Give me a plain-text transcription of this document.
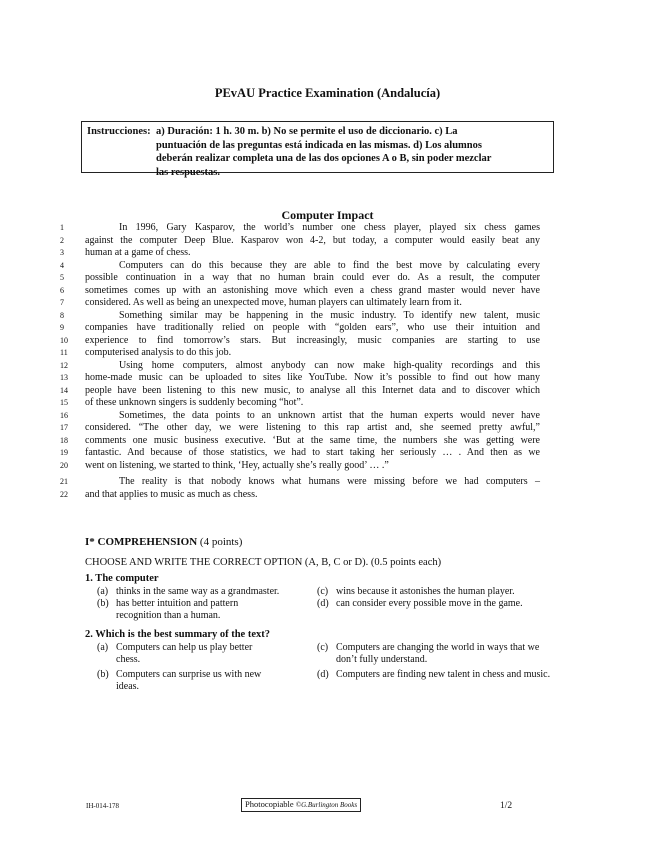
PEvAU Practice Examination (Andalucía)
Instrucciones: a) Duración: 1 h. 30 m. b) No se permite el uso de diccionario. c) La
puntuación de las preguntas está indicada en las mismas. d) Los alumnos
deberán realizar completa una de las dos opciones A o B, sin poder mezclar
las respuestas.
Computer Impact
1	In 1996, Gary Kasparov, the world’s number one chess player, played six chess games
2	against the computer Deep Blue. Kasparov won 4-2, but today, a computer would easily beat any
3	human at a game of chess.
4	Computers can do this because they are able to find the best move by calculating every
5	possible continuation in a way that no human brain could ever do. As a result, the computer
6	sometimes comes up with an astonishing move which even a chess grand master would never have
7	considered. As well as being an unexpected move, human players can ultimately learn from it.
8	Something similar may be happening in the music industry. To identify new talent, music
9	companies have traditionally relied on people with “golden ears”, who use their intuition and
10	experience to find tomorrow’s stars. But increasingly, music companies are starting to use
11	computerised analysis to do this job.
12	Using home computers, almost anybody can now make high-quality recordings and this
13	home-made music can be uploaded to sites like YouTube. Now it’s possible to find out how many
14	people have been listening to this new music, to analyse all this Internet data and to discover which
15	of these unknown singers is suddenly becoming “hot”.
16	Sometimes, the data points to an unknown artist that the human experts would never have
17	considered. “The other day, we were listening to this rap artist and, she seemed pretty awful,”
18	comments one music business executive. ‘But at the same time, the numbers she was getting were
19	fantastic. And because of those statistics, we had to start taking her seriously … . And then as we
20	went on listening, we started to think, ‘Hey, actually she’s really good’ … .”
21	The reality is that nobody knows what humans were missing before we had computers –
22	and that applies to music as much as chess.
I* COMPREHENSION (4 points)
CHOOSE AND WRITE THE CORRECT OPTION (A, B, C or D). (0.5 points each)
1. The computer
(a) thinks in the same way as a grandmaster.
(b) has better intuition and pattern recognition than a human.
(c) wins because it astonishes the human player.
(d) can consider every possible move in the game.
2. Which is the best summary of the text?
(a) Computers can help us play better chess.
(b) Computers can surprise us with new ideas.
(c) Computers are changing the world in ways that we don’t fully understand.
(d) Computers are finding new talent in chess and music.
IH-014-178	Photocopiable ©G.Burlington Books	1/2
